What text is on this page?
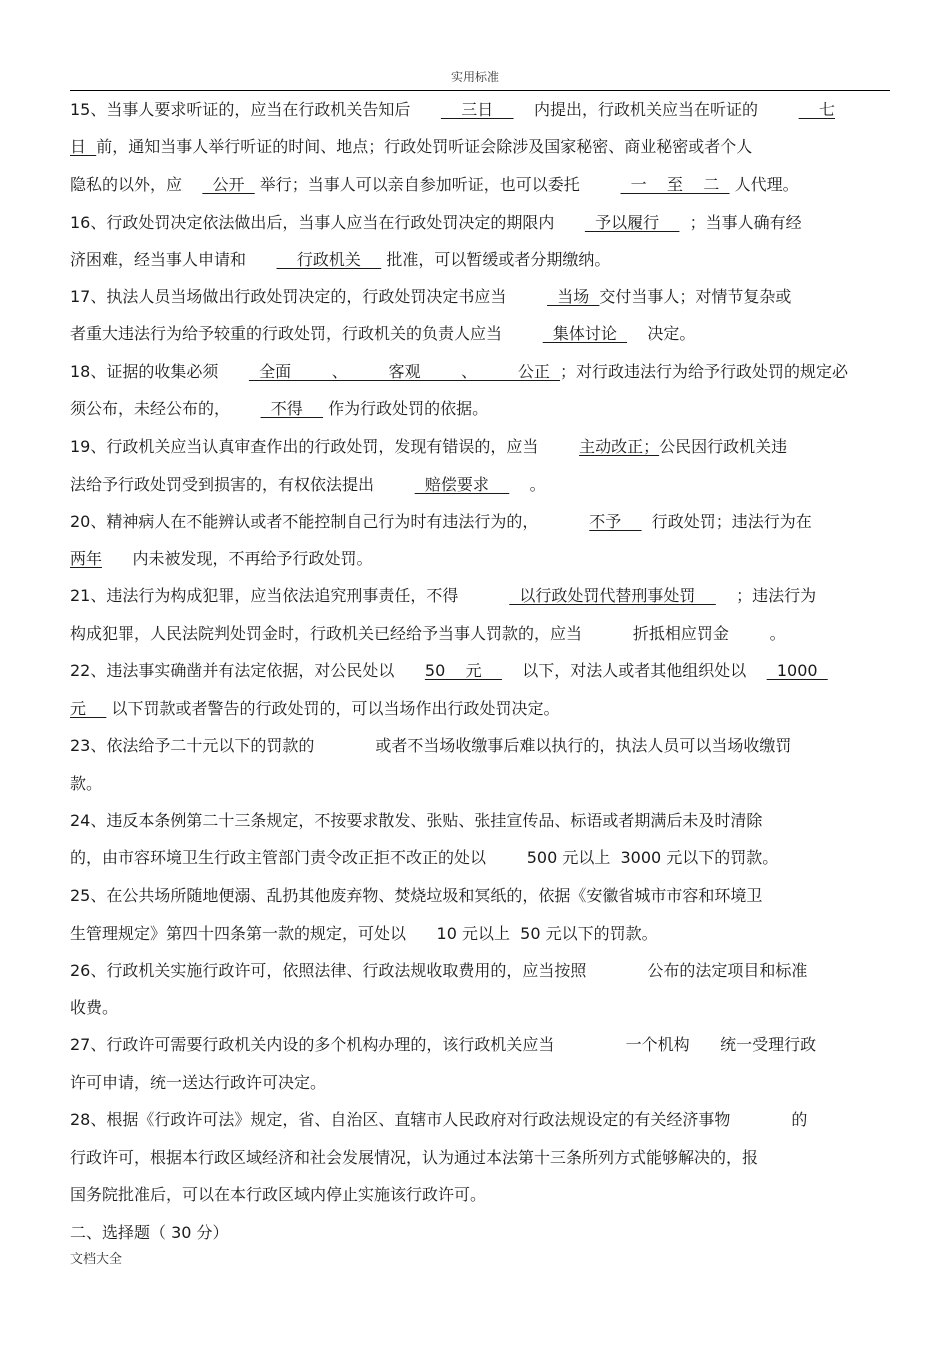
实用标准
15、当事人要求听证的，应当在行政机关告知后          三日        内提出，行政机关应当在听证的	七
日  前，通知当事人举行听证的时间、地点；行政处罚听证会除涉及国家秘密、商业秘密或者个人
隐私的以外，应      公开   举行；当事人可以亲自参加听证，也可以委托	一    至    二   人代理。
16、行政处罚决定依法做出后，当事人应当在行政处罚决定的期限内        予以履行      ；当事人确有经
济困难，经当事人申请和          行政机关     批准，可以暂缓或者分期缴纳。
17、执法人员当场做出行政处罚决定的，行政处罚决定书应当	当场  交付当事人；对情节复杂或
者重大违法行为给予较重的行政处罚，行政机关的负责人应当	集体讨论      决定。
18、证据的收集必须        全面        、        客观        、        公正  ；对行政违法行为给予行政处罚的规定必
须公布，未经公布的，        不得     作为行政处罚的依据。
19、行政机关应当认真审查作出的行政处罚，发现有错误的，应当	主动改正；公民因行政机关违
法给予行政处罚受到损害的，有权依法提出	赔偿要求        。
20、精神病人在不能辨认或者不能控制自己行为时有违法行为的，	不予      行政处罚；违法行为在
两年      内未被发现，不再给予行政处罚。
21、违法行为构成犯罪，应当依法追究刑事责任，不得	以行政处罚代替刑事处罚        ；违法行为
构成犯罪，人民法院判处罚金时，行政机关已经给予当事人罚款的，应当	折抵相应罚金        。
22、违法事实确凿并有法定依据，对公民处以 50    元        以下，对法人或者其他组织处以      1000
元     以下罚款或者警告的行政处罚的，可以当场作出行政处罚决定。
23、依法给予二十元以下的罚款的            或者不当场收缴事后难以执行的，执法人员可以当场收缴罚
款。
24、违反本条例第二十三条规定，不按要求散发、张贴、张挂宣传品、标语或者期满后未及时清除
的，由市容环境卫生行政主管部门责令改正拒不改正的处以        500 元以上  3000 元以下的罚款。
25、在公共场所随地便溺、乱扔其他废弃物、焚烧垃圾和冥纸的，依据《安徽省城市市容和环境卫
生管理规定》第四十四条第一款的规定，可处以      10 元以上  50 元以下的罚款。
26、行政机关实施行政许可，依照法律、行政法规收取费用的，应当按照            公布的法定项目和标准
收费。
27、行政许可需要行政机关内设的多个机构办理的，该行政机关应当              一个机构      统一受理行政
许可申请，统一送达行政许可决定。
28、根据《行政许可法》规定，省、自治区、直辖市人民政府对行政法规设定的有关经济事物            的
行政许可，根据本行政区域经济和社会发展情况，认为通过本法第十三条所列方式能够解决的，报
国务院批准后，可以在本行政区域内停止实施该行政许可。
二、选择题（ 30 分）
文档大全
